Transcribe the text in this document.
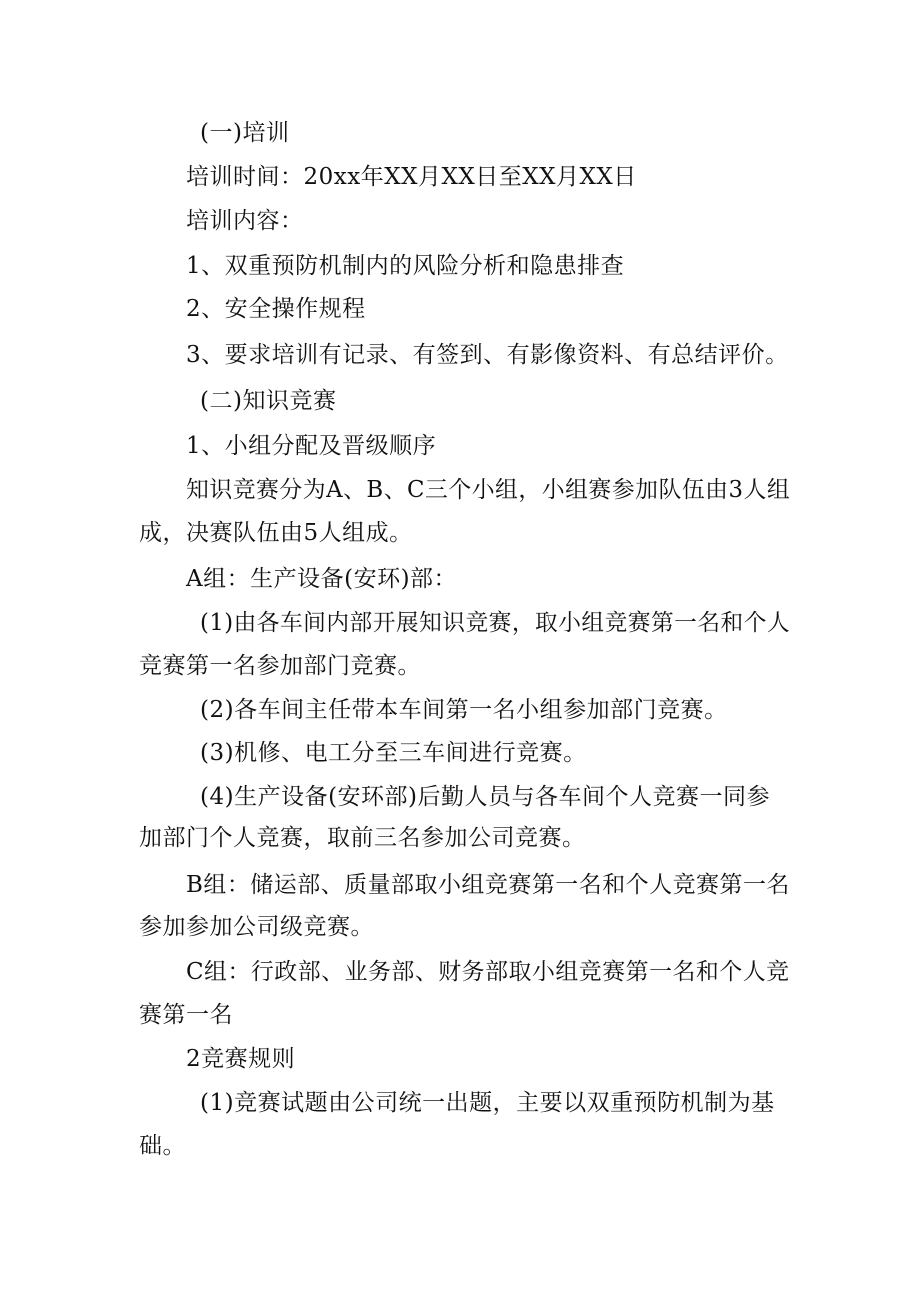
(一)培训
培训时间：20xx年XX月XX日至XX月XX日
培训内容：
1、双重预防机制内的风险分析和隐患排查
2、安全操作规程
3、要求培训有记录、有签到、有影像资料、有总结评价。
(二)知识竞赛
1、小组分配及晋级顺序
知识竞赛分为A、B、C三个小组，小组赛参加队伍由3人组
成，决赛队伍由5人组成。
A组：生产设备(安环)部：
(1)由各车间内部开展知识竞赛，取小组竞赛第一名和个人
竞赛第一名参加部门竞赛。
(2)各车间主任带本车间第一名小组参加部门竞赛。
(3)机修、电工分至三车间进行竞赛。
(4)生产设备(安环部)后勤人员与各车间个人竞赛一同参
加部门个人竞赛，取前三名参加公司竞赛。
B组：储运部、质量部取小组竞赛第一名和个人竞赛第一名
参加参加公司级竞赛。
C组：行政部、业务部、财务部取小组竞赛第一名和个人竞
赛第一名
2竞赛规则
(1)竞赛试题由公司统一出题，主要以双重预防机制为基
础。
